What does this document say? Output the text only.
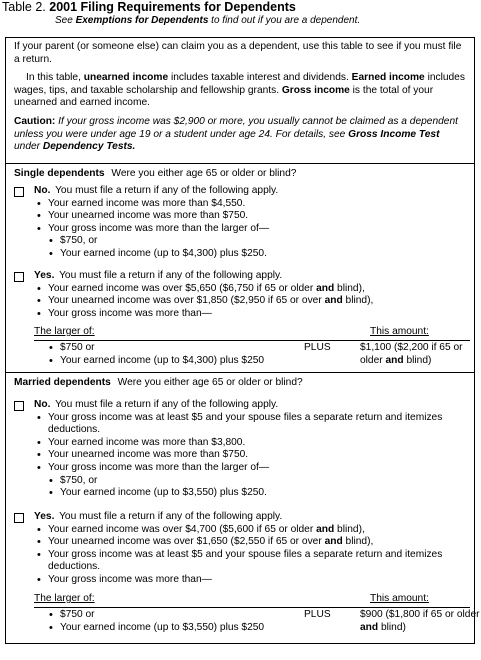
Table 2. 2001 Filing Requirements for Dependents
See Exemptions for Dependents to find out if you are a dependent.

If your parent (or someone else) can claim you as a dependent, use this table to see if you must file a return.

In this table, unearned income includes taxable interest and dividends. Earned income includes wages, tips, and taxable scholarship and fellowship grants. Gross income is the total of your unearned and earned income.

Caution: If your gross income was $2,900 or more, you usually cannot be claimed as a dependent unless you were under age 19 or a student under age 24. For details, see Gross Income Test under Dependency Tests.

Single dependents Were you either age 65 or older or blind?
No. You must file a return if any of the following apply.
• Your earned income was more than $4,550.
• Your unearned income was more than $750.
• Your gross income was more than the larger of—
• $750, or
• Your earned income (up to $4,300) plus $250.
Yes. You must file a return if any of the following apply.
• Your earned income was over $5,650 ($6,750 if 65 or older and blind),
• Your unearned income was over $1,850 ($2,950 if 65 or over and blind),
• Your gross income was more than—
The larger of:	This amount:
• $750 or
• Your earned income (up to $4,300) plus $250
PLUS	$1,100 ($2,200 if 65 or older and blind)
Married dependents Were you either age 65 or older or blind?
No. You must file a return if any of the following apply.
• Your gross income was at least $5 and your spouse files a separate return and itemizes deductions.
• Your earned income was more than $3,800.
• Your unearned income was more than $750.
• Your gross income was more than the larger of—
• $750, or
• Your earned income (up to $3,550) plus $250.
Yes. You must file a return if any of the following apply.
• Your earned income was over $4,700 ($5,600 if 65 or older and blind),
• Your unearned income was over $1,650 ($2,550 if 65 or over and blind),
• Your gross income was at least $5 and your spouse files a separate return and itemizes deductions.
• Your gross income was more than—
The larger of:	This amount:
• $750 or
• Your earned income (up to $3,550) plus $250
PLUS	$900 ($1,800 if 65 or older and blind)
